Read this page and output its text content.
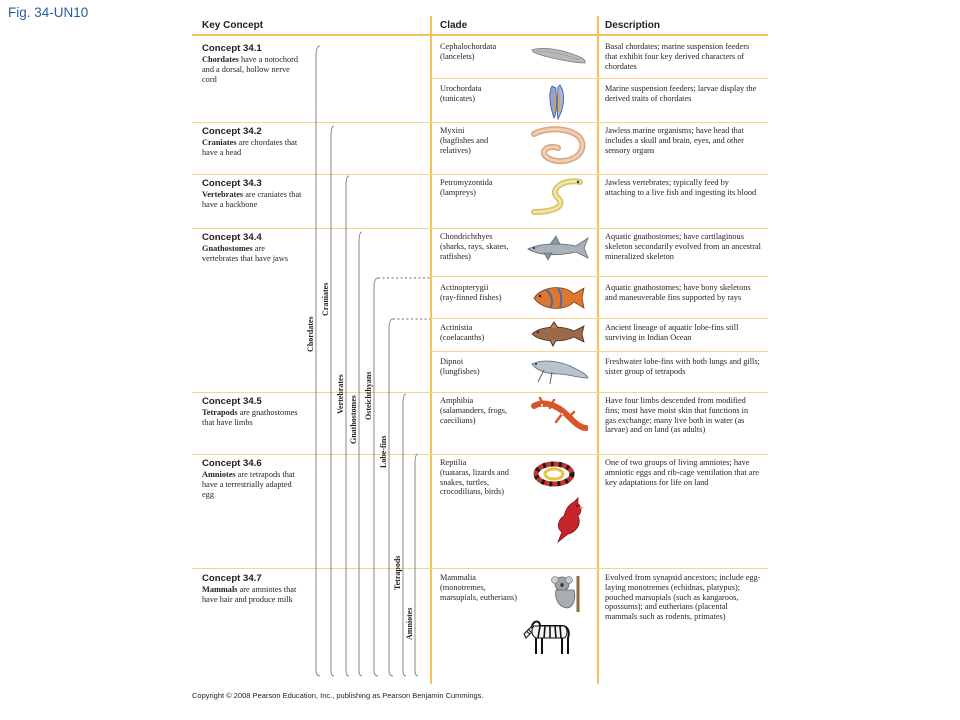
Fig. 34-UN10
Key Concept	Clade	Description
Concept 34.1
Chordates have a notochord and a dorsal, hollow nerve cord
Concept 34.2
Craniates are chordates that have a head
Concept 34.3
Vertebrates are craniates that have a backbone
Concept 34.4
Gnathostomes are vertebrates that have jaws
Concept 34.5
Tetrapods are gnathostomes that have limbs
Concept 34.6
Amniotes are tetrapods that have a terrestrially adapted egg
Concept 34.7
Mammals are amniotes that have hair and produce milk
Cephalochordata
(lancelets)
Urochordata
(tunicates)
Myxini
(hagfishes and relatives)
Petromyzontida
(lampreys)
Chondrichthyes
(sharks, rays, skates, ratfishes)
Actinopterygii
(ray-finned fishes)
Actinistia
(coelacanths)
Dipnoi
(lungfishes)
Amphibia
(salamanders, frogs, caecilians)
Reptilia
(tuataras, lizards and snakes, turtles, crocodilians, birds)
Mammalia
(monotremes, marsupials, eutherians)
Basal chordates; marine suspension feeders that exhibit four key derived characters of chordates
Marine suspension feeders; larvae display the derived traits of chordates
Jawless marine organisms; have head that includes a skull and brain, eyes, and other sensory organs
Jawless vertebrates; typically feed by attaching to a live fish and ingesting its blood
Aquatic gnathostomes; have cartilaginous skeleton secondarily evolved from an ancestral mineralized skeleton
Aquatic gnathostomes; have bony skeletons and maneuverable fins supported by rays
Ancient lineage of aquatic lobe-fins still surviving in Indian Ocean
Freshwater lobe-fins with both lungs and gills; sister group of tetrapods
Have four limbs descended from modified fins; most have moist skin that functions in gas exchange; many live both in water (as larvae) and on land (as adults)
One of two groups of living amniotes; have amniotic eggs and rib-cage ventilation that are key adaptations for life on land
Evolved from synapsid ancestors; include egg-laying monotremes (echidnas, platypus); pouched marsupials (such as kangaroos, opossums); and eutherians (placental mammals such as rodents, primates)
Chordates
Craniates
Vertebrates
Gnathostomes Osteichthyans
Lobe-fins
Tetrapods
Amniotes
Copyright © 2008 Pearson Education, Inc., publishing as Pearson Benjamin Cummings.
